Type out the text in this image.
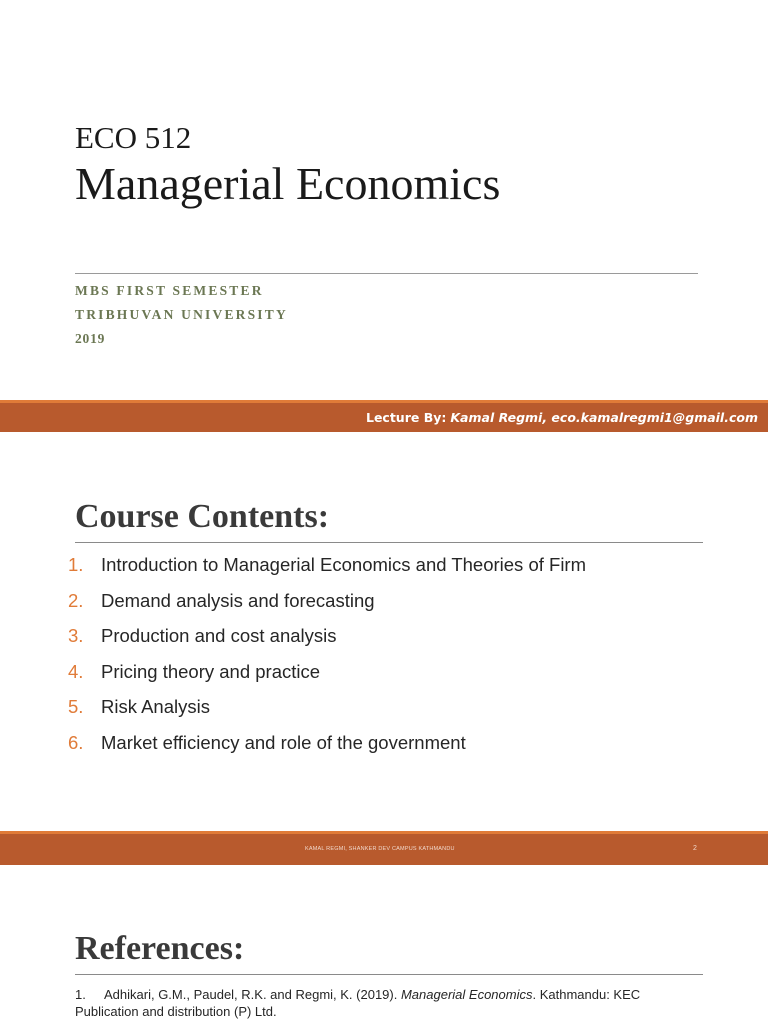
ECO 512
Managerial Economics
MBS FIRST SEMESTER
TRIBHUVAN UNIVERSITY
2019
Lecture By: Kamal Regmi, eco.kamalregmi1@gmail.com
Course Contents:
1. Introduction to Managerial Economics and Theories of Firm
2. Demand analysis and forecasting
3. Production and cost analysis
4. Pricing theory and practice
5. Risk Analysis
6. Market efficiency and role of the government
KAMAL REGMI, SHANKER DEV CAMPUS KATHMANDU	2
References:

1. Adhikari, G.M., Paudel, R.K. and Regmi, K. (2019). Managerial Economics. Kathmandu: KEC Publication and distribution (P) Ltd.
